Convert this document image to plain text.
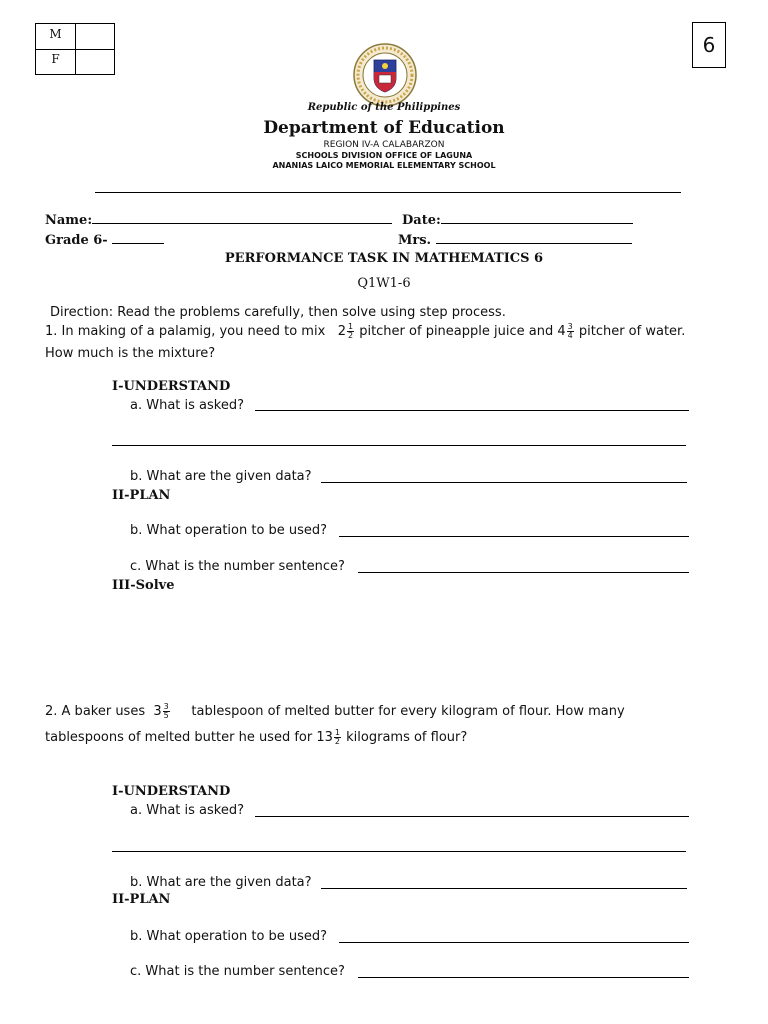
M
F
6
Republic of the Philippines
Department of Education
REGION IV-A CALABARZON
SCHOOLS DIVISION OFFICE OF LAGUNA
ANANIAS LAICO MEMORIAL ELEMENTARY SCHOOL
Name:	Date:
Grade 6-	Mrs.
PERFORMANCE TASK IN MATHEMATICS 6
Q1W1-6
Direction: Read the problems carefully, then solve using step process.
1. In making of a palamig, you need to mix $2 \frac{1}{2}$ pitcher of pineapple juice and $4 \frac{3}{4}$ pitcher of water.
How much is the mixture?
I-UNDERSTAND
a. What is asked?
b. What are the given data?
II-PLAN
b. What operation to be used?
c. What is the number sentence?
III-Solve
2. A baker uses $3 \frac{3}{5}$ tablespoon of melted butter for every kilogram of flour. How many
tablespoons of melted butter he used for $13 \frac{1}{2}$ kilograms of flour?
I-UNDERSTAND
a. What is asked?
b. What are the given data?
II-PLAN
b. What operation to be used?
c. What is the number sentence?
